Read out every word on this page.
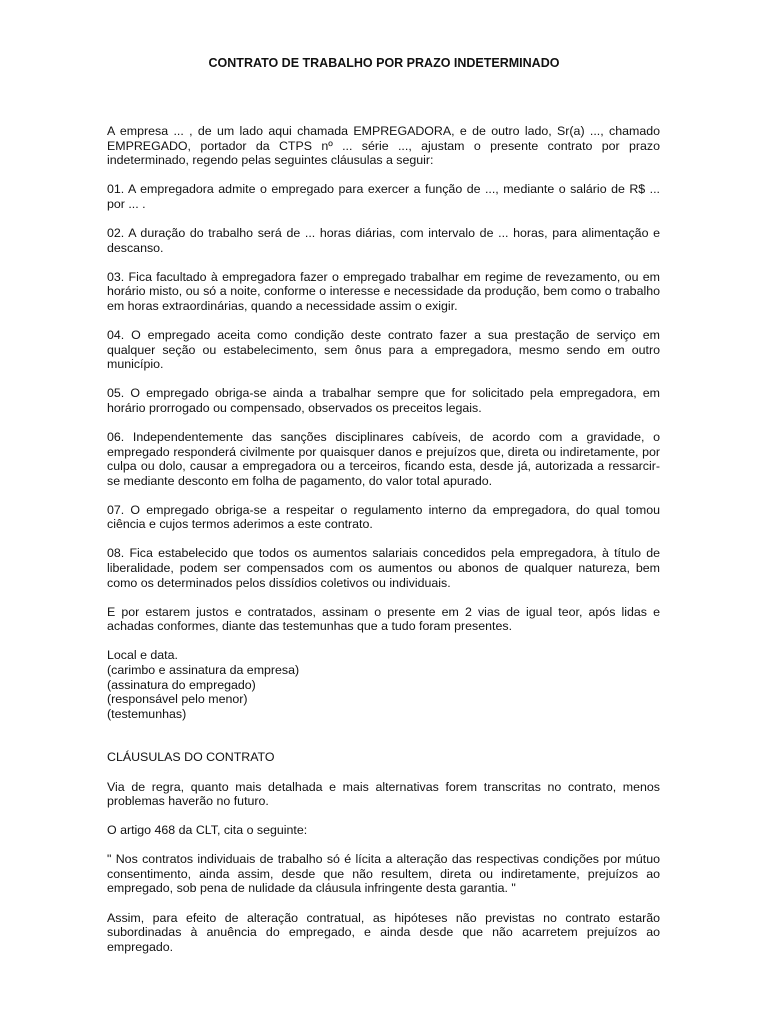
CONTRATO DE TRABALHO POR PRAZO INDETERMINADO

A empresa ... , de um lado aqui chamada EMPREGADORA, e de outro lado, Sr(a) ..., chamado EMPREGADO, portador da CTPS nº ... série ..., ajustam o presente contrato por prazo indeterminado, regendo pelas seguintes cláusulas a seguir:

01. A empregadora admite o empregado para exercer a função de ..., mediante o salário de R$ ... por ... .

02. A duração do trabalho será de ... horas diárias, com intervalo de ... horas, para alimentação e descanso.

03. Fica facultado à empregadora fazer o empregado trabalhar em regime de revezamento, ou em horário misto, ou só a noite, conforme o interesse e necessidade da produção, bem como o trabalho em horas extraordinárias, quando a necessidade assim o exigir.

04. O empregado aceita como condição deste contrato fazer a sua prestação de serviço em qualquer seção ou estabelecimento, sem ônus para a empregadora, mesmo sendo em outro município.

05. O empregado obriga-se ainda a trabalhar sempre que for solicitado pela empregadora, em horário prorrogado ou compensado, observados os preceitos legais.

06. Independentemente das sanções disciplinares cabíveis, de acordo com a gravidade, o empregado responderá civilmente por quaisquer danos e prejuízos que, direta ou indiretamente, por culpa ou dolo, causar a empregadora ou a terceiros, ficando esta, desde já, autorizada a ressarcir-se mediante desconto em folha de pagamento, do valor total apurado.

07. O empregado obriga-se a respeitar o regulamento interno da empregadora, do qual tomou ciência e cujos termos aderimos a este contrato.

08. Fica estabelecido que todos os aumentos salariais concedidos pela empregadora, à título de liberalidade, podem ser compensados com os aumentos ou abonos de qualquer natureza, bem como os determinados pelos dissídios coletivos ou individuais.

E por estarem justos e contratados, assinam o presente em 2 vias de igual teor, após lidas e achadas conformes, diante das testemunhas que a tudo foram presentes.

Local e data.

(carimbo e assinatura da empresa)

(assinatura do empregado)

(responsável pelo menor)

(testemunhas)

CLÁUSULAS DO CONTRATO

Via de regra, quanto mais detalhada e mais alternativas forem transcritas no contrato, menos problemas haverão no futuro.

O artigo 468 da CLT, cita o seguinte:

" Nos contratos individuais de trabalho só é lícita a alteração das respectivas condições por mútuo consentimento, ainda assim, desde que não resultem, direta ou indiretamente, prejuízos ao empregado, sob pena de nulidade da cláusula infringente desta garantia. "

Assim, para efeito de alteração contratual, as hipóteses não previstas no contrato estarão subordinadas à anuência do empregado, e ainda desde que não acarretem prejuízos ao empregado.
